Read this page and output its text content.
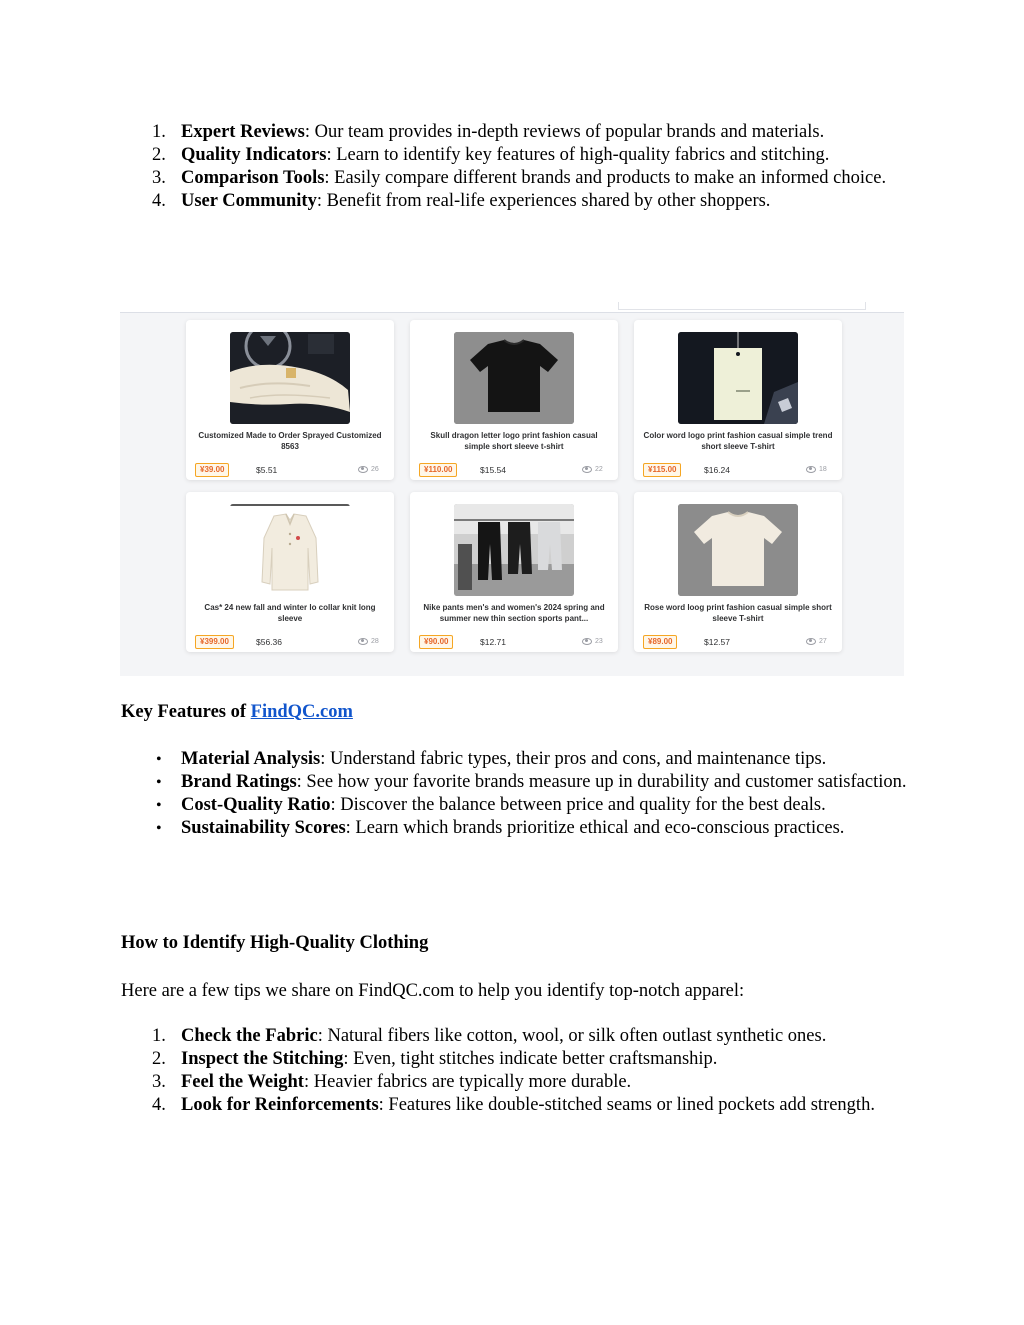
1. Expert Reviews: Our team provides in-depth reviews of popular brands and materials.
2. Quality Indicators: Learn to identify key features of high-quality fabrics and stitching.
3. Comparison Tools: Easily compare different brands and products to make an informed choice.
4. User Community: Benefit from real-life experiences shared by other shoppers.
Customized Made to Order Sprayed Customized 8563
¥39.00	$5.51	26
Skull dragon letter logo print fashion casual simple short sleeve t-shirt
¥110.00	$15.54	22
Color word logo print fashion casual simple trend short sleeve T-shirt
¥115.00	$16.24	18
Cas* 24 new fall and winter lo collar knit long sleeve
¥399.00	$56.36	28
Nike pants men's and women's 2024 spring and summer new thin section sports pant...
¥90.00	$12.71	23
Rose word loog print fashion casual simple short sleeve T-shirt
¥89.00	$12.57	27
Key Features of FindQC.com
• Material Analysis: Understand fabric types, their pros and cons, and maintenance tips.
• Brand Ratings: See how your favorite brands measure up in durability and customer satisfaction.
• Cost-Quality Ratio: Discover the balance between price and quality for the best deals.
• Sustainability Scores: Learn which brands prioritize ethical and eco-conscious practices.
How to Identify High-Quality Clothing
Here are a few tips we share on FindQC.com to help you identify top-notch apparel:
1. Check the Fabric: Natural fibers like cotton, wool, or silk often outlast synthetic ones.
2. Inspect the Stitching: Even, tight stitches indicate better craftsmanship.
3. Feel the Weight: Heavier fabrics are typically more durable.
4. Look for Reinforcements: Features like double-stitched seams or lined pockets add strength.
